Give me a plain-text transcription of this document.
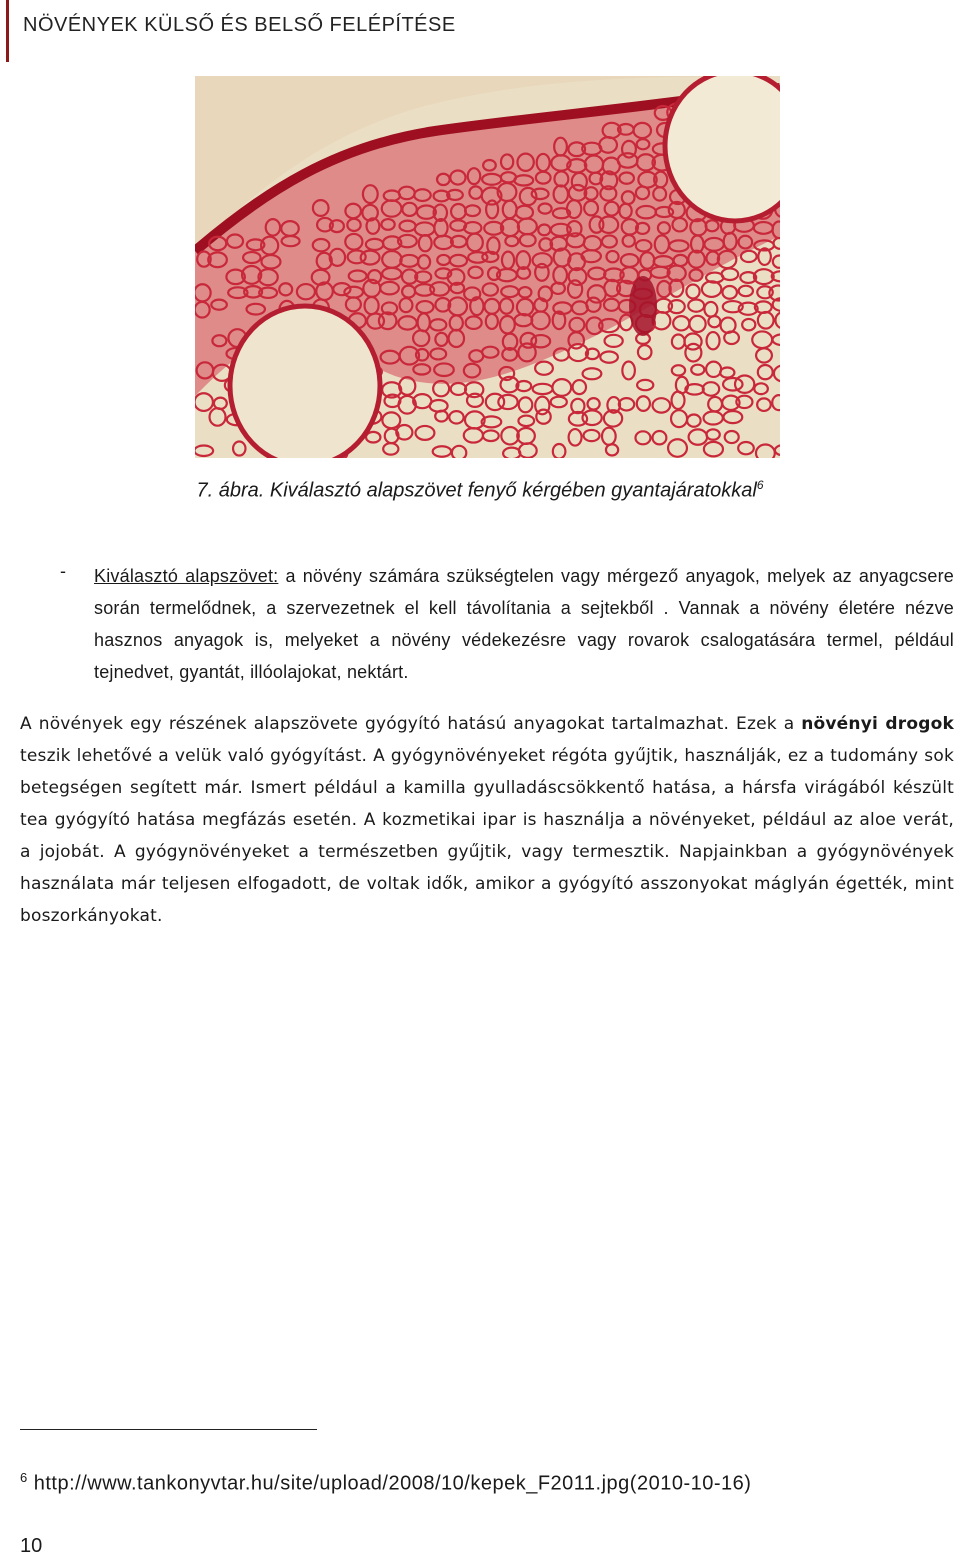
NÖVÉNYEK KÜLSŐ ÉS BELSŐ FELÉPÍTÉSE
7. ábra. Kiválasztó alapszövet fenyő kérgében gyantajáratokkal$^6$
- Kiválasztó alapszövet: a növény számára szükségtelen vagy mérgező anyagok, melyek az anyagcsere során termelődnek, a szervezetnek el kell távolítania a sejtekből . Vannak a növény életére nézve hasznos anyagok is, melyeket a növény védekezésre vagy rovarok csalogatására termel, például tejnedvet, gyantát, illóolajokat, nektárt.
A növények egy részének alapszövete gyógyító hatású anyagokat tartalmazhat. Ezek a növényi drogok teszik lehetővé a velük való gyógyítást. A gyógynövényeket régóta gyűjtik, használják, ez a tudomány sok betegségen segített már. Ismert például a kamilla gyulladáscsökkentő hatása, a hársfa virágából készült tea gyógyító hatása megfázás esetén. A kozmetikai ipar is használja a növényeket, például az aloe verát, a jojobát. A gyógynövényeket a természetben gyűjtik, vagy termesztik. Napjainkban a gyógynövények használata már teljesen elfogadott, de voltak idők, amikor a gyógyító asszonyokat máglyán égették, mint boszorkányokat.
$^6$ http://www.tankonyvtar.hu/site/upload/2008/10/kepek_F2011.jpg(2010-10-16)
10
